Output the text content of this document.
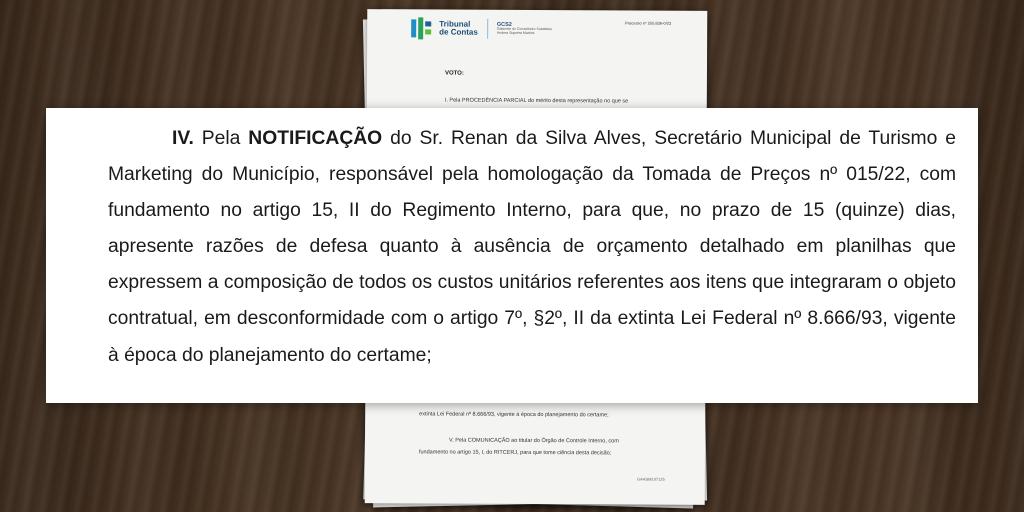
Tribunal
de Contas
GCS2
Gabinete do Conselheiro Substituto
Andrea Siqueira Martins
Processo nº 255.836-0/23
VOTO:
I. Pela PROCEDÊNCIA PARCIAL do mérito desta representação no que se
extinta Lei Federal nº 8.666/93, vigente à época do planejamento do certame;
V. Pela COMUNICAÇÃO ao titular do Órgão de Controle Interno, com
fundamento no artigo 15, I, do RITCERJ, para que tome ciência desta decisão;
GAASM107125

IV. Pela NOTIFICAÇÃO do Sr. Renan da Silva Alves, Secretário Municipal de Turismo e Marketing do Município, responsável pela homologação da Tomada de Preços nº 015/22, com fundamento no artigo 15, II do Regimento Interno, para que, no prazo de 15 (quinze) dias, apresente razões de defesa quanto à ausência de orçamento detalhado em planilhas que expressem a composição de todos os custos unitários referentes aos itens que integraram o objeto contratual, em desconformidade com o artigo 7º, §2º, II da extinta Lei Federal nº 8.666/93, vigente à época do planejamento do certame;
